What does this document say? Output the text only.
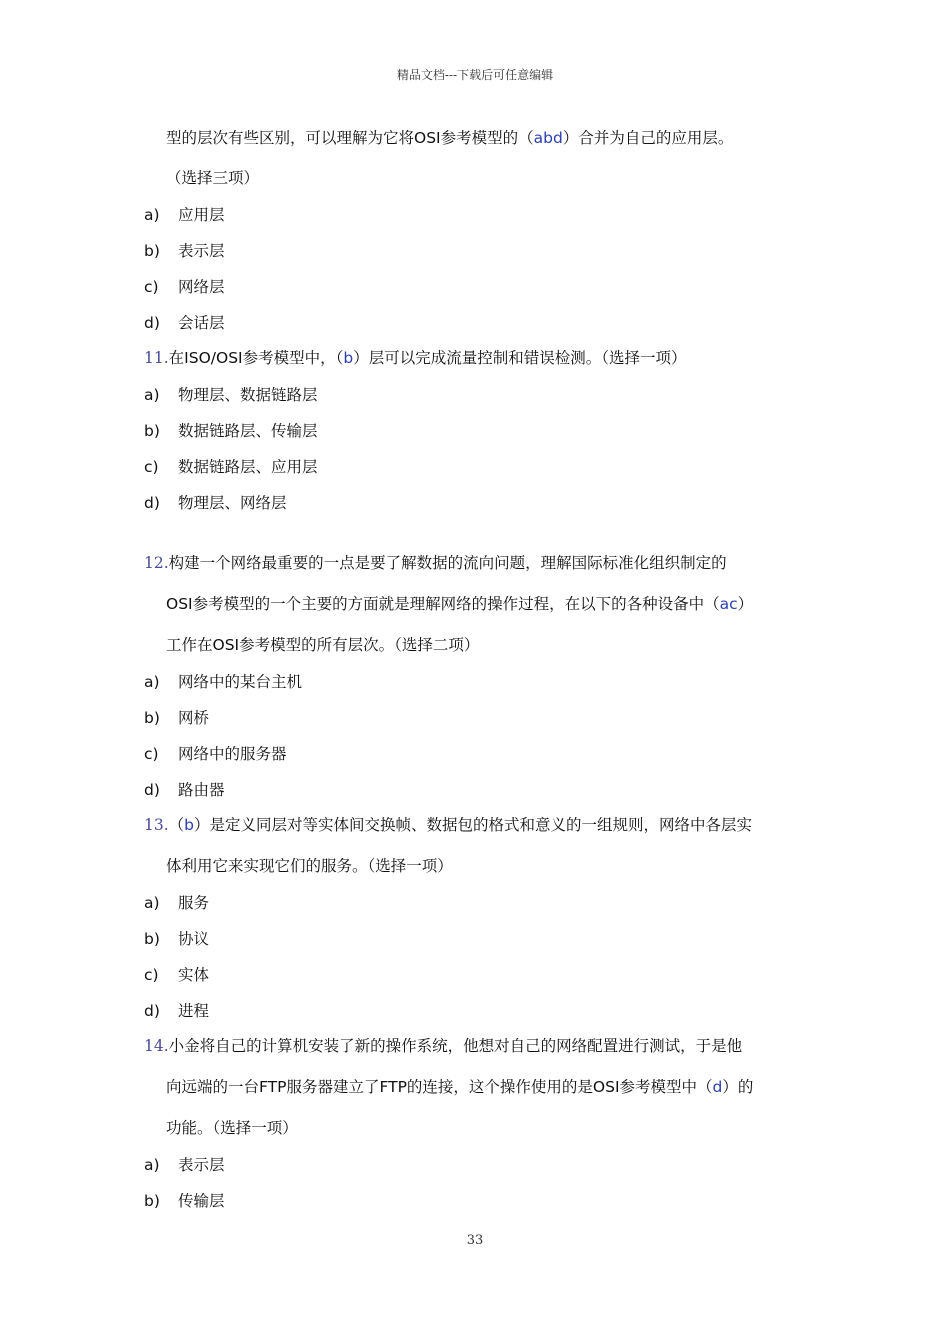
精品文档---下载后可任意编辑
型的层次有些区别，可以理解为它将OSI参考模型的（abd）合并为自己的应用层。
（选择三项）
a) 应用层
b) 表示层
c) 网络层
d) 会话层
11.在ISO/OSI参考模型中，（b）层可以完成流量控制和错误检测。（选择一项）
a) 物理层、数据链路层
b) 数据链路层、传输层
c) 数据链路层、应用层
d) 物理层、网络层
12.构建一个网络最重要的一点是要了解数据的流向问题，理解国际标准化组织制定的
OSI参考模型的一个主要的方面就是理解网络的操作过程，在以下的各种设备中（ac）
工作在OSI参考模型的所有层次。（选择二项）
a) 网络中的某台主机
b) 网桥
c) 网络中的服务器
d) 路由器
13.（b）是定义同层对等实体间交换帧、数据包的格式和意义的一组规则，网络中各层实
体利用它来实现它们的服务。（选择一项）
a) 服务
b) 协议
c) 实体
d) 进程
14.小金将自己的计算机安装了新的操作系统，他想对自己的网络配置进行测试，于是他
向远端的一台FTP服务器建立了FTP的连接，这个操作使用的是OSI参考模型中（d）的
功能。（选择一项）
a) 表示层
b) 传输层
33
